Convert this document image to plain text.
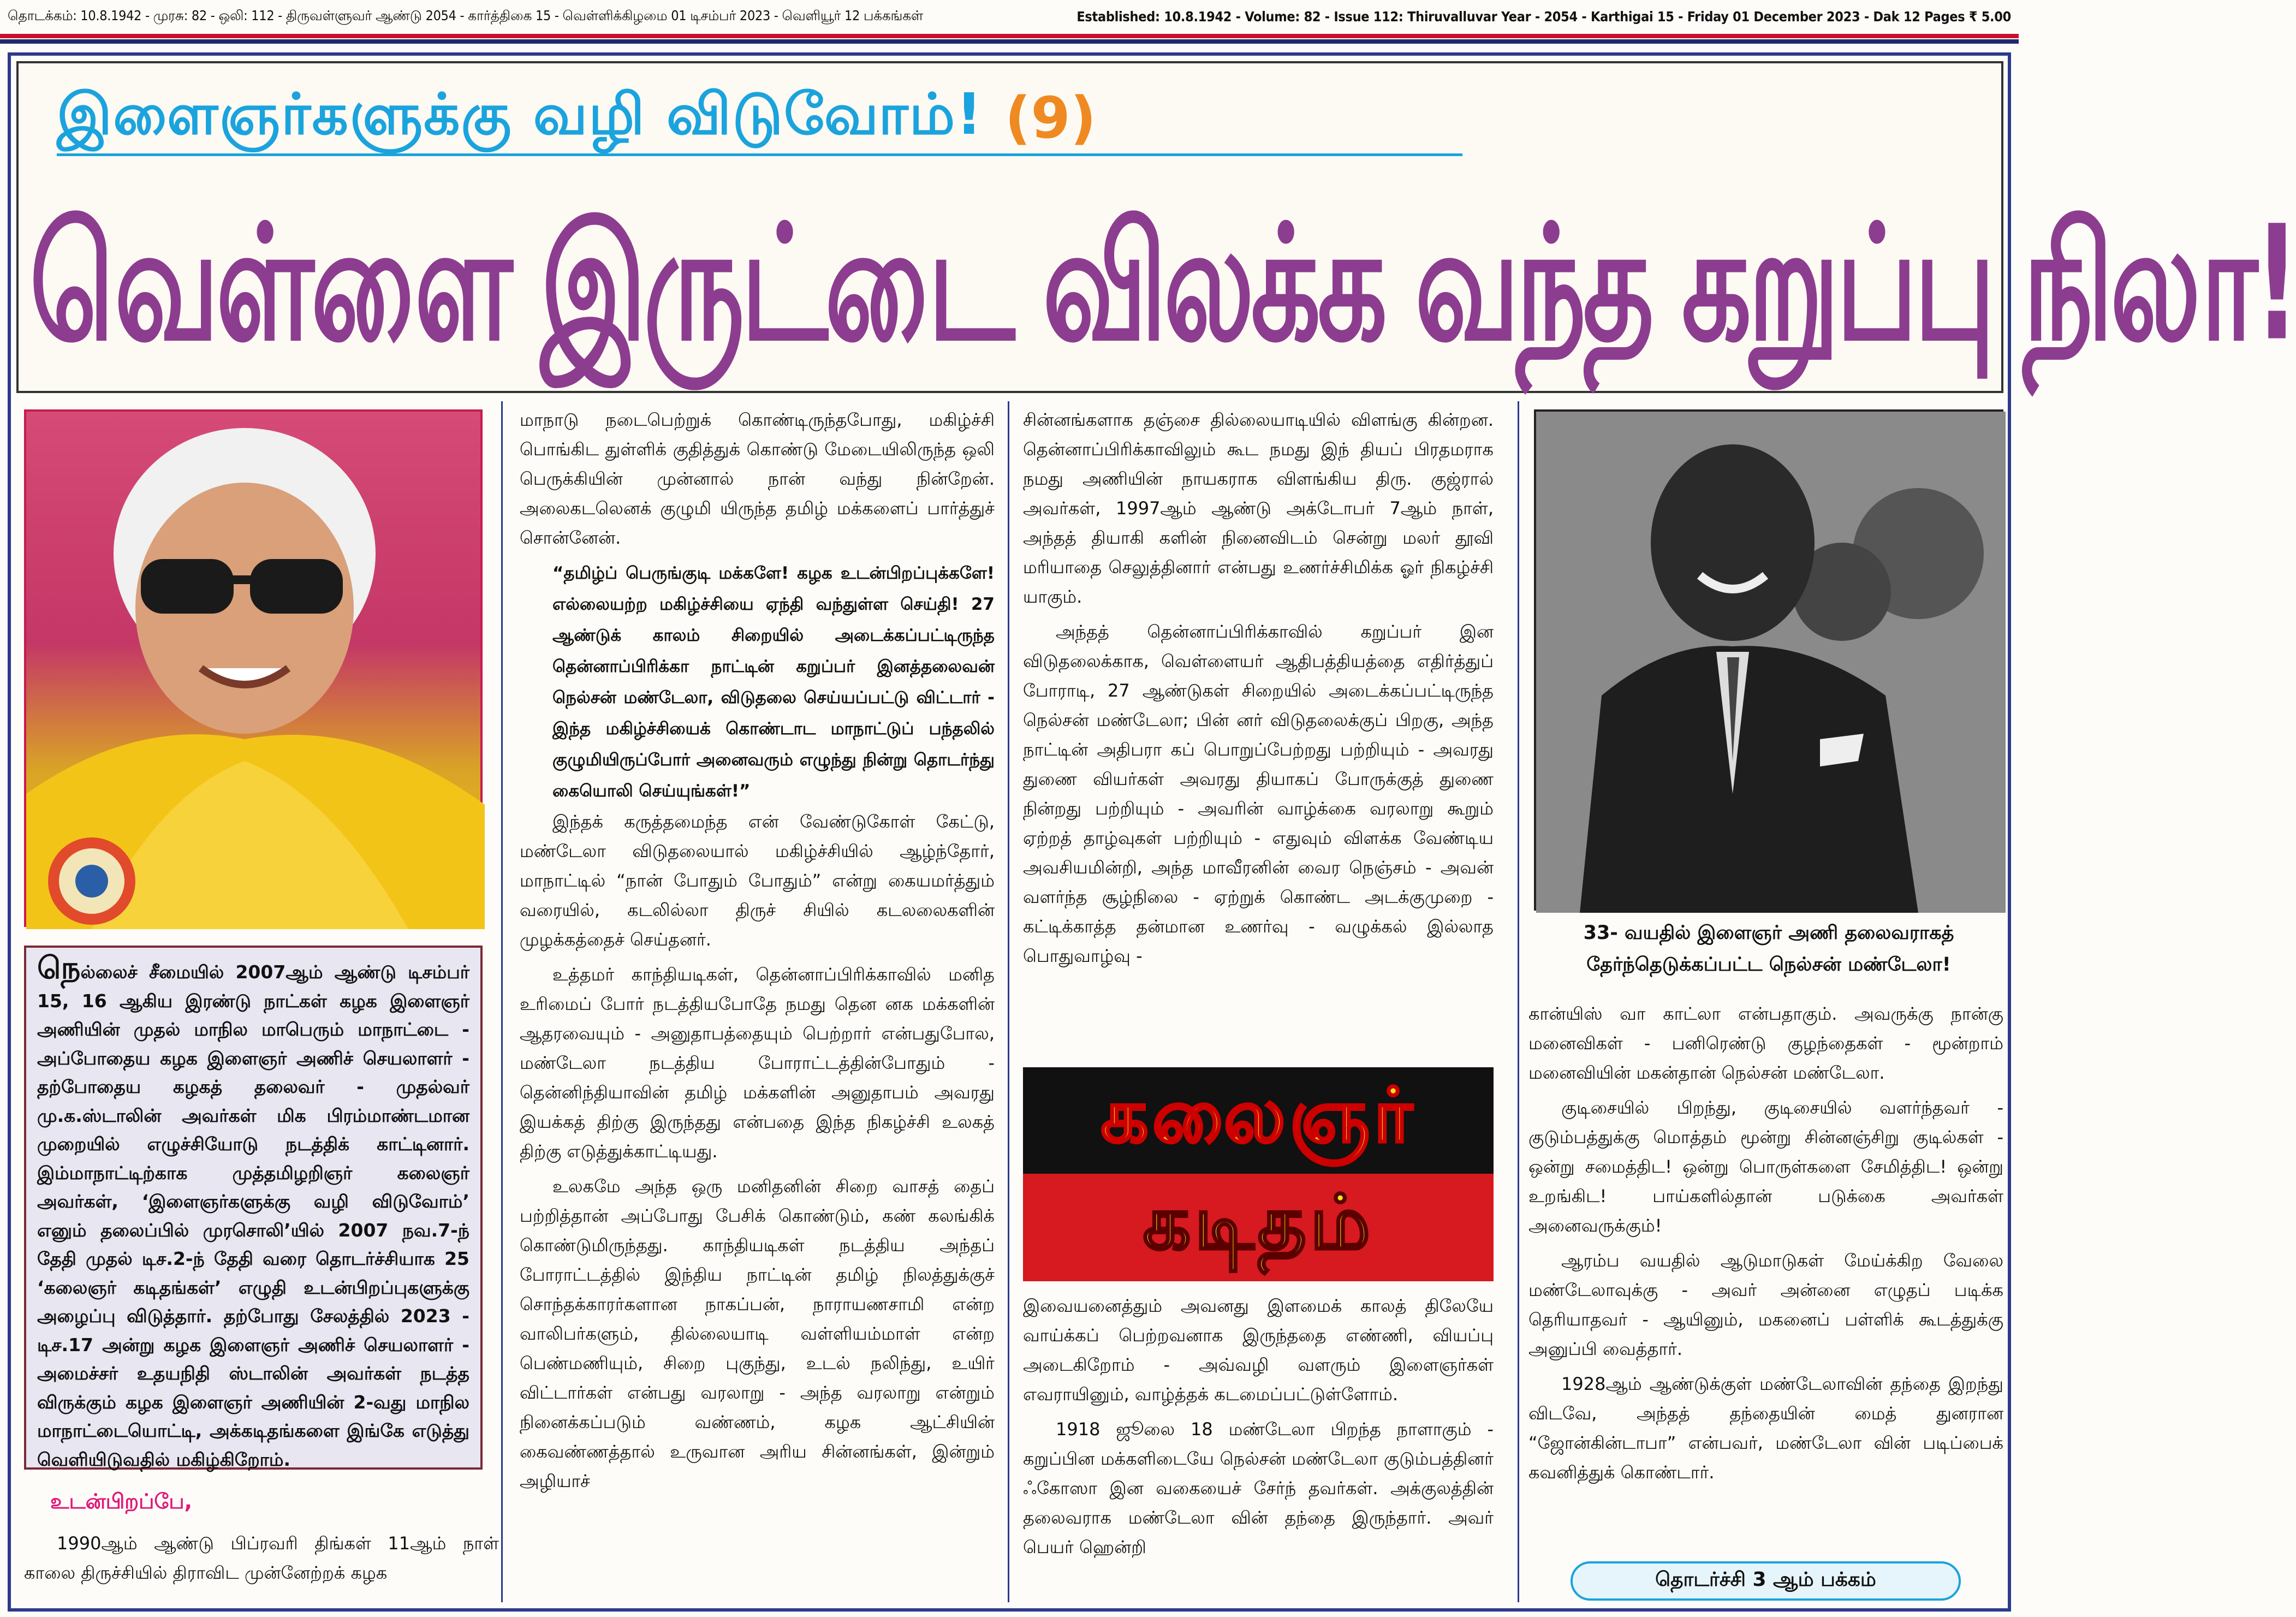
தொடக்கம்: 10.8.1942 - முரசு: 82 - ஒலி: 112 - திருவள்ளுவர் ஆண்டு 2054 - கார்த்திகை 15 - வெள்ளிக்கிழமை 01 டிசம்பர் 2023 - வெளியூர் 12 பக்கங்கள்	Established: 10.8.1942 - Volume: 82 - Issue 112: Thiruvalluvar Year - 2054 - Karthigai 15 - Friday 01 December 2023 - Dak 12 Pages ₹ 5.00
இளைஞர்களுக்கு வழி விடுவோம்! (9)
வெள்ளை இருட்டை விலக்க வந்த கறுப்பு நிலா!
33- வயதில் இளைஞர் அணி தலைவராகத்
தேர்ந்தெடுக்கப்பட்ட நெல்சன் மண்டேலா!
நெல்லைச் சீமையில் 2007ஆம் ஆண்டு டிசம்பர் 15, 16 ஆகிய இரண்டு நாட்கள் கழக இளைஞர் அணியின் முதல் மாநில மாபெரும் மாநாட்டை - அப்போதைய கழக இளைஞர் அணிச் செயலாளர் - தற்போதைய கழகத் தலைவர் - முதல்வர் மு.க.ஸ்டாலின் அவர்கள் மிக பிரம்மாண்டமான முறையில் எழுச்சியோடு நடத்திக் காட்டினார். இம்மாநாட்டிற்காக முத்தமிழறிஞர் கலைஞர் அவர்கள், ‘இளைஞர்களுக்கு வழி விடுவோம்’ எனும் தலைப்பில் முரசொலி’யில் 2007 நவ.7-ந் தேதி முதல் டிச.2-ந் தேதி வரை தொடர்ச்சியாக 25 ‘கலைஞர் கடிதங்கள்’ எழுதி உடன்பிறப்புகளுக்கு அழைப்பு விடுத்தார். தற்போது சேலத்தில் 2023 - டிச.17 அன்று கழக இளைஞர் அணிச் செயலாளர் - அமைச்சர் உதயநிதி ஸ்டாலின் அவர்கள் நடத்த விருக்கும் கழக இளைஞர் அணியின் 2-வது மாநில மாநாட்டையொட்டி, அக்கடிதங்களை இங்கே எடுத்து வெளியிடுவதில் மகிழ்கிறோம்.
உடன்பிறப்பே,

1990ஆம் ஆண்டு பிப்ரவரி திங்கள் 11ஆம் நாள் காலை திருச்சியில் திராவிட முன்னேற்றக் கழக

மாநாடு நடைபெற்றுக் கொண்டிருந்தபோது, மகிழ்ச்சி பொங்கிட துள்ளிக் குதித்துக் கொண்டு மேடையிலிருந்த ஒலி பெருக்கியின் முன்னால் நான் வந்து நின்றேன். அலைகடலெனக் குழுமி யிருந்த தமிழ் மக்களைப் பார்த்துச் சொன்னேன்.

“தமிழ்ப் பெருங்குடி மக்களே! கழக உடன்பிறப்புக்களே! எல்லையற்ற மகிழ்ச்சியை ஏந்தி வந்துள்ள செய்தி! 27 ஆண்டுக் காலம் சிறையில் அடைக்கப்பட்டிருந்த தென்னாப்பிரிக்கா நாட்டின் கறுப்பர் இனத்தலைவன் நெல்சன் மண்டேலா, விடுதலை செய்யப்பட்டு விட்டார் - இந்த மகிழ்ச்சியைக் கொண்டாட மாநாட்டுப் பந்தலில் குழுமியிருப்போர் அனைவரும் எழுந்து நின்று தொடர்ந்து கையொலி செய்யுங்கள்!”

இந்தக் கருத்தமைந்த என் வேண்டுகோள் கேட்டு, மண்டேலா விடுதலையால் மகிழ்ச்சியில் ஆழ்ந்தோர், மாநாட்டில் “நான் போதும் போதும்” என்று கையமர்த்தும் வரையில், கடலில்லா திருச் சியில் கடலலைகளின் முழக்கத்தைச் செய்தனர்.

உத்தமர் காந்தியடிகள், தென்னாப்பிரிக்காவில் மனித உரிமைப் போர் நடத்தியபோதே நமது தென னக மக்களின் ஆதரவையும் - அனுதாபத்தையும் பெற்றார் என்பதுபோல, மண்டேலா நடத்திய போராட்டத்தின்போதும் - தென்னிந்தியாவின் தமிழ் மக்களின் அனுதாபம் அவரது இயக்கத் திற்கு இருந்தது என்பதை இந்த நிகழ்ச்சி உலகத் திற்கு எடுத்துக்காட்டியது.

உலகமே அந்த ஒரு மனிதனின் சிறை வாசத் தைப் பற்றித்தான் அப்போது பேசிக் கொண்டும், கண் கலங்கிக் கொண்டுமிருந்தது. காந்தியடிகள் நடத்திய அந்தப் போராட்டத்தில் இந்திய நாட்டின் தமிழ் நிலத்துக்குச் சொந்தக்காரர்களான நாகப்பன், நாராயணசாமி என்ற வாலிபர்களும், தில்லையாடி வள்ளியம்மாள் என்ற பெண்மணியும், சிறை புகுந்து, உடல் நலிந்து, உயிர் விட்டார்கள் என்பது வரலாறு - அந்த வரலாறு என்றும் நினைக்கப்படும் வண்ணம், கழக ஆட்சியின் கைவண்ணத்தால் உருவான அரிய சின்னங்கள், இன்றும் அழியாச்

சின்னங்களாக தஞ்சை தில்லையாடியில் விளங்கு கின்றன. தென்னாப்பிரிக்காவிலும் கூட நமது இந் தியப் பிரதமராக நமது அணியின் நாயகராக விளங்கிய திரு. குஜ்ரால் அவர்கள், 1997ஆம் ஆண்டு அக்டோபர் 7ஆம் நாள், அந்தத் தியாகி களின் நினைவிடம் சென்று மலர் தூவி மரியாதை செலுத்தினார் என்பது உணர்ச்சிமிக்க ஓர் நிகழ்ச்சி யாகும்.

அந்தத் தென்னாப்பிரிக்காவில் கறுப்பர் இன விடுதலைக்காக, வெள்ளையர் ஆதிபத்தியத்தை எதிர்த்துப் போராடி, 27 ஆண்டுகள் சிறையில் அடைக்கப்பட்டிருந்த நெல்சன் மண்டேலா; பின் னர் விடுதலைக்குப் பிறகு, அந்த நாட்டின் அதிபரா கப் பொறுப்பேற்றது பற்றியும் - அவரது துணை வியர்கள் அவரது தியாகப் போருக்குத் துணை நின்றது பற்றியும் - அவரின் வாழ்க்கை வரலாறு கூறும் ஏற்றத் தாழ்வுகள் பற்றியும் - எதுவும் விளக்க வேண்டிய அவசியமின்றி, அந்த மாவீரனின் வைர நெஞ்சம் - அவன் வளர்ந்த சூழ்நிலை - ஏற்றுக் கொண்ட அடக்குமுறை - கட்டிக்காத்த தன்மான உணர்வு - வழுக்கல் இல்லாத பொதுவாழ்வு -

கலைஞர்
கடிதம்

இவையனைத்தும் அவனது இளமைக் காலத் திலேயே வாய்க்கப் பெற்றவனாக இருந்ததை எண்ணி, வியப்பு அடைகிறோம் - அவ்வழி வளரும் இளைஞர்கள் எவராயினும், வாழ்த்தக் கடமைப்பட்டுள்ளோம்.

1918 ஜூலை 18 மண்டேலா பிறந்த நாளாகும் - கறுப்பின மக்களிடையே நெல்சன் மண்டேலா குடும்பத்தினர் ஃகோஸா இன வகையைச் சேர்ந் தவர்கள். அக்குலத்தின் தலைவராக மண்டேலா வின் தந்தை இருந்தார். அவர் பெயர் ஹென்றி

கான்யிஸ் வா காட்லா என்பதாகும். அவருக்கு நான்கு மனைவிகள் - பனிரெண்டு குழந்தைகள் - மூன்றாம் மனைவியின் மகன்தான் நெல்சன் மண்டேலா.

குடிசையில் பிறந்து, குடிசையில் வளர்ந்தவர் - குடும்பத்துக்கு மொத்தம் மூன்று சின்னஞ்சிறு குடில்கள் - ஒன்று சமைத்திட! ஒன்று பொருள்களை சேமித்திட! ஒன்று உறங்கிட! பாய்களில்தான் படுக்கை அவர்கள் அனைவருக்கும்!

ஆரம்ப வயதில் ஆடுமாடுகள் மேய்க்கிற வேலை மண்டேலாவுக்கு - அவர் அன்னை எழுதப் படிக்க தெரியாதவர் - ஆயினும், மகனைப் பள்ளிக் கூடத்துக்கு அனுப்பி வைத்தார்.

1928ஆம் ஆண்டுக்குள் மண்டேலாவின் தந்தை இறந்து விடவே, அந்தத் தந்தையின் மைத் துனரான “ஜோன்கின்டாபா” என்பவர், மண்டேலா வின் படிப்பைக் கவனித்துக் கொண்டார்.

தொடர்ச்சி 3 ஆம் பக்கம்
